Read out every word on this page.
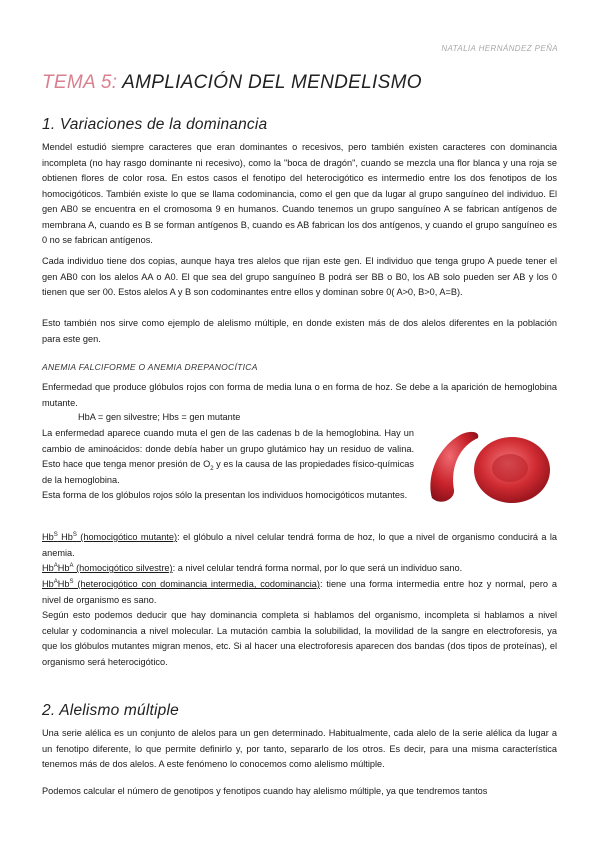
NATALIA HERNÁNDEZ PEÑA
TEMA 5: AMPLIACIÓN DEL MENDELISMO
1. Variaciones de la dominancia

Mendel estudió siempre caracteres que eran dominantes o recesivos, pero también existen caracteres con dominancia incompleta (no hay rasgo dominante ni recesivo), como la "boca de dragón", cuando se mezcla una flor blanca y una roja se obtienen flores de color rosa. En estos casos el fenotipo del heterocigótico es intermedio entre los dos fenotipos de los homocigóticos. También existe lo que se llama codominancia, como el gen que da lugar al grupo sanguíneo del individuo. El gen AB0 se encuentra en el cromosoma 9 en humanos. Cuando tenemos un grupo sanguíneo A se fabrican antígenos de membrana A, cuando es B se forman antígenos B, cuando es AB fabrican los dos antígenos, y cuando el grupo sanguíneo es 0 no se fabrican antígenos.

Cada individuo tiene dos copias, aunque haya tres alelos que rijan este gen. El individuo que tenga grupo A puede tener el gen AB0 con los alelos AA o A0. El que sea del grupo sanguíneo B podrá ser BB o B0, los AB solo pueden ser AB y los 0 tienen que ser 00. Estos alelos A y B son codominantes entre ellos y dominan sobre 0( A>0, B>0, A=B).

Esto también nos sirve como ejemplo de alelismo múltiple, en donde existen más de dos alelos diferentes en la población para este gen.

ANEMIA FALCIFORME O ANEMIA DREPANOCÍTICA

Enfermedad que produce glóbulos rojos con forma de media luna o en forma de hoz. Se debe a la aparición de hemoglobina mutante.

HbA = gen silvestre; Hbs = gen mutante

La enfermedad aparece cuando muta el gen de las cadenas b de la hemoglobina. Hay un cambio de aminoácidos: donde debía haber un grupo glutámico hay un residuo de valina. Esto hace que tenga menor presión de $O_2$ y es la causa de las propiedades físico-químicas de la hemoglobina.

Esta forma de los glóbulos rojos sólo la presentan los individuos homocigóticos mutantes.

$Hb^S$ $Hb^S$ (homocigótico mutante): el glóbulo a nivel celular tendrá forma de hoz, lo que a nivel de organismo conducirá a la anemia.
$Hb^AHb^A$ (homocigótico silvestre): a nivel celular tendrá forma normal, por lo que será un individuo sano.
$Hb^AHb^S$ (heterocigótico con dominancia intermedia, codominancia): tiene una forma intermedia entre hoz y normal, pero a nivel de organismo es sano.

Según esto podemos deducir que hay dominancia completa si hablamos del organismo, incompleta si hablamos a nivel celular y codominancia a nivel molecular. La mutación cambia la solubilidad, la movilidad de la sangre en electroforesis, ya que los glóbulos mutantes migran menos, etc. Si al hacer una electroforesis aparecen dos bandas (dos tipos de proteínas), el organismo será heterocigótico.

2. Alelismo múltiple

Una serie alélica es un conjunto de alelos para un gen determinado. Habitualmente, cada alelo de la serie alélica da lugar a un fenotipo diferente, lo que permite definirlo y, por tanto, separarlo de los otros. Es decir, para una misma característica tenemos más de dos alelos. A este fenómeno lo conocemos como alelismo múltiple.

Podemos calcular el número de genotipos y fenotipos cuando hay alelismo múltiple, ya que tendremos tantos
